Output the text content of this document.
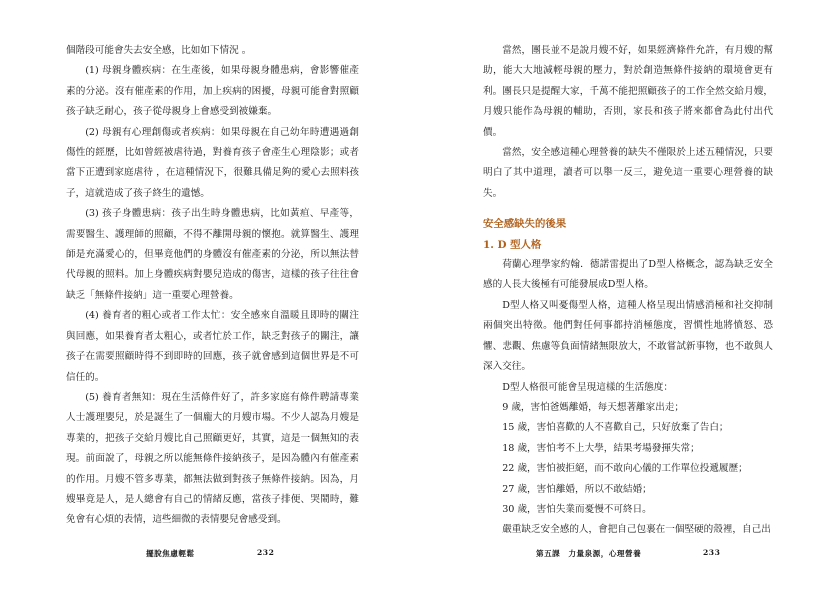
個階段可能會失去安全感，比如如下情況 。

(1) 母親身體疾病：在生產後，如果母親身體患病，會影響催產素的分泌。沒有催產素的作用，加上疾病的困擾，母親可能會對照顧孩子缺乏耐心，孩子從母親身上會感受到被嫌棄。

(2) 母親有心理創傷或者疾病：如果母親在自己幼年時遭遇過創傷性的經歷，比如曾經被虐待過，對養育孩子會產生心理陰影；或者當下正遭到家庭虐待 ，在這種情況下，很難具備足夠的愛心去照料孩子，這就造成了孩子終生的遺憾。

(3) 孩子身體患病：孩子出生時身體患病，比如黃疸、早產等，需要醫生、護理師的照顧，不得不離開母親的懷抱。就算醫生、護理師是充滿愛心的，但畢竟他們的身體沒有催產素的分泌，所以無法替代母親的照料。加上身體疾病對嬰兒造成的傷害，這樣的孩子往往會缺乏「無條件接納」這一重要心理營養。

(4) 養育者的粗心或者工作太忙：安全感來自溫暖且即時的關注與回應，如果養育者太粗心，或者忙於工作，缺乏對孩子的關注，讓孩子在需要照顧時得不到即時的回應，孩子就會感到這個世界是不可信任的。

(5) 養育者無知：現在生活條件好了，許多家庭有條件聘請專業人士護理嬰兒，於是誕生了一個龐大的月嫂市場。不少人認為月嫂是專業的，把孩子交給月嫂比自己照顧更好，其實，這是一個無知的表現。前面說了，母親之所以能無條件接納孩子，是因為體內有催產素的作用。月嫂不管多專業，都無法做到對孩子無條件接納。因為，月嫂畢竟是人，是人總會有自己的情緒反應，當孩子排便、哭鬧時，難免會有心煩的表情，這些細微的表情嬰兒會感受到。

擺脫焦慮輕鬆	232

當然，團長並不是說月嫂不好，如果經濟條件允許，有月嫂的幫助，能大大地減輕母親的壓力，對於創造無條件接納的環境會更有利。團長只是提醒大家，千萬不能把照顧孩子的工作全然交給月嫂，月嫂只能作為母親的輔助，否則，家長和孩子將來都會為此付出代價。

當然，安全感這種心理營養的缺失不僅限於上述五種情況，只要明白了其中道理，讀者可以舉一反三，避免這一重要心理營養的缺失。

安全感缺失的後果

1. D 型人格

荷蘭心理學家約翰．德諾雷提出了D型人格概念，認為缺乏安全感的人長大後極有可能發展成D型人格。

D型人格又叫憂傷型人格，這種人格呈現出情感消極和社交抑制兩個突出特徵。他們對任何事都持消極態度，習慣性地將憤怒、恐懼、悲觀、焦慮等負面情緒無限放大，不敢嘗試新事物，也不敢與人深入交往。

D型人格很可能會呈現這樣的生活態度：

9 歲，害怕爸媽離婚，每天想著離家出走；

15 歲，害怕喜歡的人不喜歡自己，只好放棄了告白；

18 歲，害怕考不上大學，結果考場發揮失常；

22 歲，害怕被拒絕，而不敢向心儀的工作單位投遞履歷；

27 歲，害怕離婚，所以不敢結婚；

30 歲，害怕失業而憂慢不可終日。

嚴重缺乏安全感的人，會把自己包裹在一個堅硬的殼裡，自己出

第五課　力量泉源，心理營養	233
